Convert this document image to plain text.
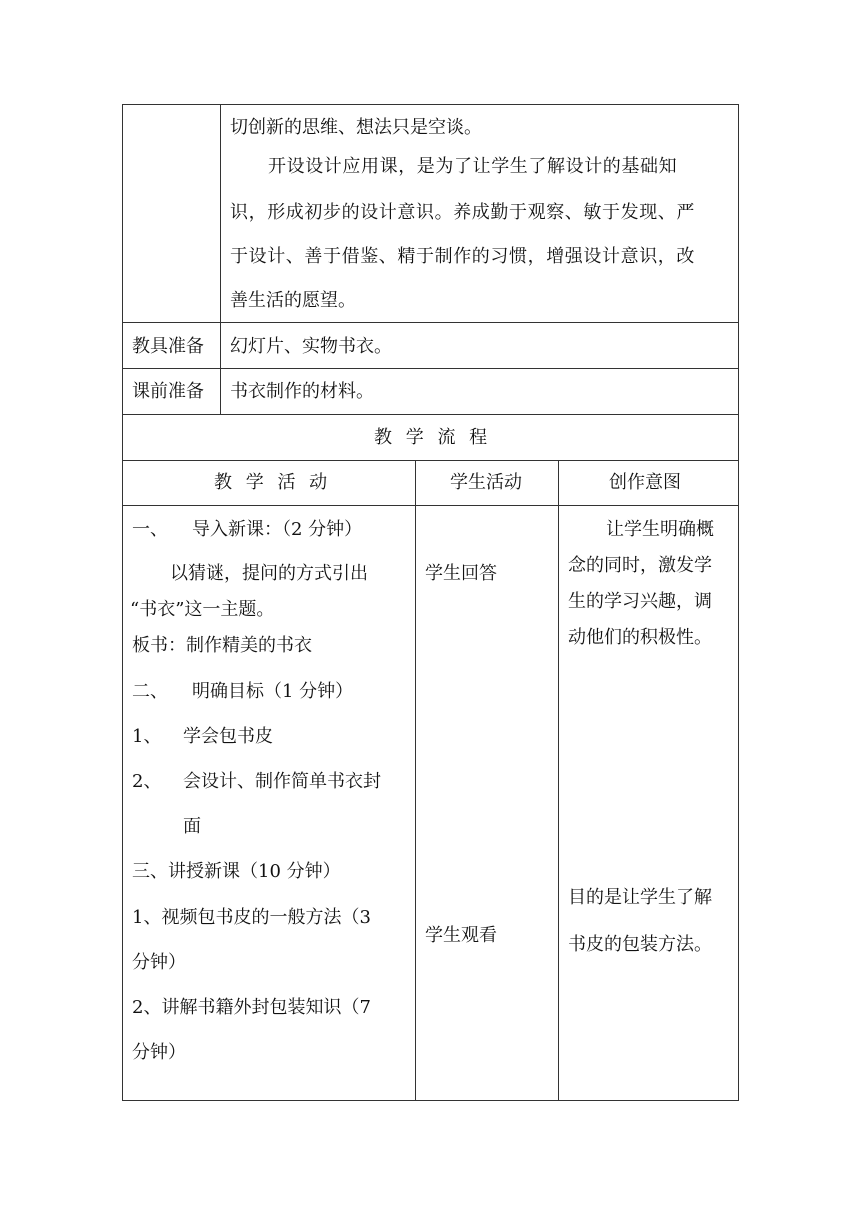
切创新的思维、想法只是空谈。
开设设计应用课，是为了让学生了解设计的基础知
识，形成初步的设计意识。养成勤于观察、敏于发现、严
于设计、善于借鉴、精于制作的习惯，增强设计意识，改
善生活的愿望。
教具准备 幻灯片、实物书衣。
课前准备 书衣制作的材料。
教 学 流 程
教 学 活 动	学生活动	创作意图
一、 导入新课：（2 分钟）
以猜谜，提问的方式引出
“书衣”这一主题。
板书：制作精美的书衣
二、 明确目标（1 分钟）
1、 学会包书皮
2、 会设计、制作简单书衣封
面
三、讲授新课（10 分钟）
1、视频包书皮的一般方法（3
分钟）
2、讲解书籍外封包装知识（7
分钟）
学生回答
学生观看
让学生明确概
念的同时，激发学
生的学习兴趣，调
动他们的积极性。
目的是让学生了解
书皮的包装方法。
